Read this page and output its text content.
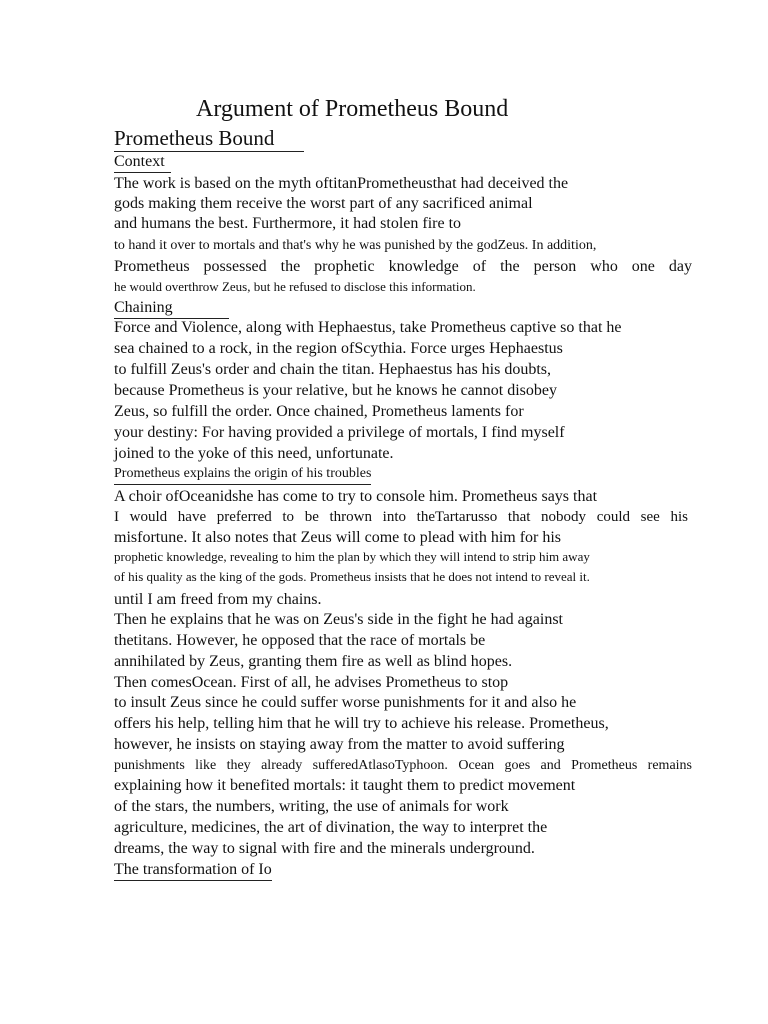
Argument of Prometheus Bound
Prometheus Bound
Context
The work is based on the myth oftitanPrometheusthat had deceived the
gods making them receive the worst part of any sacrificed animal
and humans the best. Furthermore, it had stolen fire to
to hand it over to mortals and that's why he was punished by the godZeus. In addition,
Prometheus possessed the prophetic knowledge of the person who one day
he would overthrow Zeus, but he refused to disclose this information.
Chaining
Force and Violence, along with Hephaestus, take Prometheus captive so that he
sea chained to a rock, in the region ofScythia. Force urges Hephaestus
to fulfill Zeus's order and chain the titan. Hephaestus has his doubts,
because Prometheus is your relative, but he knows he cannot disobey
Zeus, so fulfill the order. Once chained, Prometheus laments for
your destiny: For having provided a privilege of mortals, I find myself
joined to the yoke of this need, unfortunate.
Prometheus explains the origin of his troubles
A choir ofOceanidshe has come to try to console him. Prometheus says that
I would have preferred to be thrown into theTartarusso that nobody could see his
misfortune. It also notes that Zeus will come to plead with him for his
prophetic knowledge, revealing to him the plan by which they will intend to strip him away
of his quality as the king of the gods. Prometheus insists that he does not intend to reveal it.
until I am freed from my chains.
Then he explains that he was on Zeus's side in the fight he had against
thetitans. However, he opposed that the race of mortals be
annihilated by Zeus, granting them fire as well as blind hopes.
Then comesOcean. First of all, he advises Prometheus to stop
to insult Zeus since he could suffer worse punishments for it and also he
offers his help, telling him that he will try to achieve his release. Prometheus,
however, he insists on staying away from the matter to avoid suffering
punishments like they already sufferedAtlasoTyphoon. Ocean goes and Prometheus remains
explaining how it benefited mortals: it taught them to predict movement
of the stars, the numbers, writing, the use of animals for work
agriculture, medicines, the art of divination, the way to interpret the
dreams, the way to signal with fire and the minerals underground.
The transformation of Io
